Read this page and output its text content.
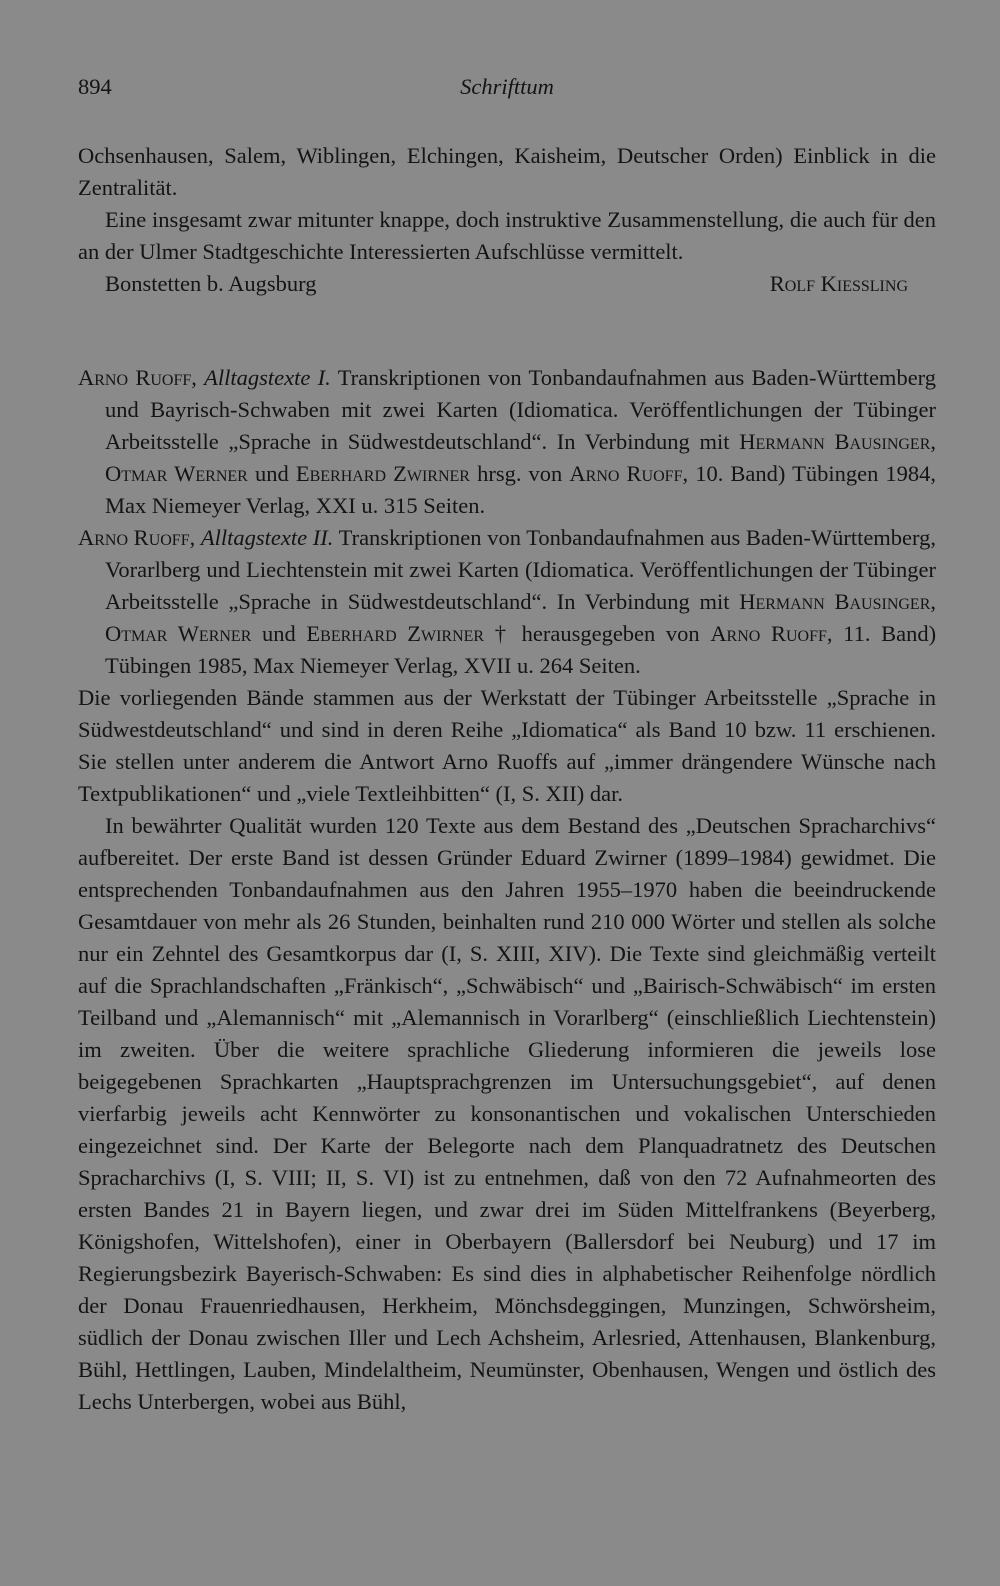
894	Schrifttum

Ochsenhausen, Salem, Wiblingen, Elchingen, Kaisheim, Deutscher Orden) Einblick in die Zentralität.

Eine insgesamt zwar mitunter knappe, doch instruktive Zusammenstellung, die auch für den an der Ulmer Stadtgeschichte Interessierten Aufschlüsse vermittelt.

Bonstetten b. Augsburg	Rolf Kiessling

Arno Ruoff, Alltagstexte I. Transkriptionen von Tonbandaufnahmen aus Baden-Württemberg und Bayrisch-Schwaben mit zwei Karten (Idiomatica. Veröffentlichungen der Tübinger Arbeitsstelle „Sprache in Südwestdeutschland“. In Verbindung mit Hermann Bausinger, Otmar Werner und Eberhard Zwirner hrsg. von Arno Ruoff, 10. Band) Tübingen 1984, Max Niemeyer Verlag, XXI u. 315 Seiten.

Arno Ruoff, Alltagstexte II. Transkriptionen von Tonbandaufnahmen aus Baden-Württemberg, Vorarlberg und Liechtenstein mit zwei Karten (Idiomatica. Veröffentlichungen der Tübinger Arbeitsstelle „Sprache in Südwestdeutschland“. In Verbindung mit Hermann Bausinger, Otmar Werner und Eberhard Zwirner † herausgegeben von Arno Ruoff, 11. Band) Tübingen 1985, Max Niemeyer Verlag, XVII u. 264 Seiten.

Die vorliegenden Bände stammen aus der Werkstatt der Tübinger Arbeitsstelle „Sprache in Südwestdeutschland“ und sind in deren Reihe „Idiomatica“ als Band 10 bzw. 11 erschienen. Sie stellen unter anderem die Antwort Arno Ruoffs auf „immer drängendere Wünsche nach Textpublikationen“ und „viele Textleihbitten“ (I, S. XII) dar.

In bewährter Qualität wurden 120 Texte aus dem Bestand des „Deutschen Spracharchivs“ aufbereitet. Der erste Band ist dessen Gründer Eduard Zwirner (1899–1984) gewidmet. Die entsprechenden Tonbandaufnahmen aus den Jahren 1955–1970 haben die beeindruckende Gesamtdauer von mehr als 26 Stunden, beinhalten rund 210 000 Wörter und stellen als solche nur ein Zehntel des Gesamtkorpus dar (I, S. XIII, XIV). Die Texte sind gleichmäßig verteilt auf die Sprachlandschaften „Fränkisch“, „Schwäbisch“ und „Bairisch-Schwäbisch“ im ersten Teilband und „Alemannisch“ mit „Alemannisch in Vorarlberg“ (einschließlich Liechtenstein) im zweiten. Über die weitere sprachliche Gliederung informieren die jeweils lose beigegebenen Sprachkarten „Hauptsprachgrenzen im Untersuchungsgebiet“, auf denen vierfarbig jeweils acht Kennwörter zu konsonantischen und vokalischen Unterschieden eingezeichnet sind. Der Karte der Belegorte nach dem Planquadratnetz des Deutschen Spracharchivs (I, S. VIII; II, S. VI) ist zu entnehmen, daß von den 72 Aufnahmeorten des ersten Bandes 21 in Bayern liegen, und zwar drei im Süden Mittelfrankens (Beyerberg, Königshofen, Wittelshofen), einer in Oberbayern (Ballersdorf bei Neuburg) und 17 im Regierungsbezirk Bayerisch-Schwaben: Es sind dies in alphabetischer Reihenfolge nördlich der Donau Frauenriedhausen, Herkheim, Mönchsdeggingen, Munzingen, Schwörsheim, südlich der Donau zwischen Iller und Lech Achsheim, Arlesried, Attenhausen, Blankenburg, Bühl, Hettlingen, Lauben, Mindelaltheim, Neumünster, Obenhausen, Wengen und östlich des Lechs Unterbergen, wobei aus Bühl,
